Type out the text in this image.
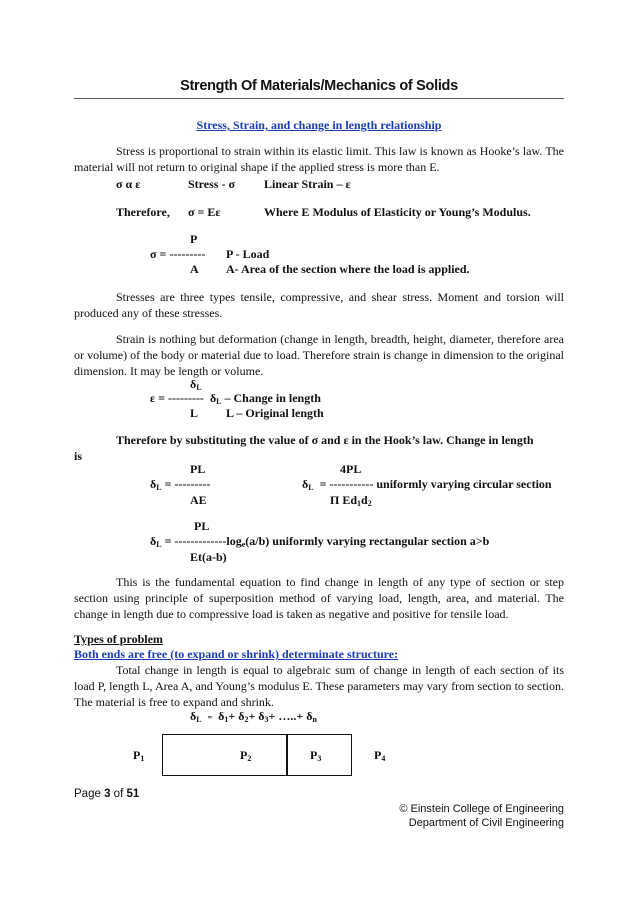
Strength Of Materials/Mechanics of Solids
Stress, Strain, and change in length relationship
Stress is proportional to strain within its elastic limit. This law is known as Hooke’s law. The material will not return to original shape if the applied stress is more than E.
σ α ε	Stress - σ Linear Strain – ε
Therefore, σ = Eε	Where E Modulus of Elasticity or Young’s Modulus.
P
σ = --------- P - Load
A A- Area of the section where the load is applied.
Stresses are three types tensile, compressive, and shear stress. Moment and torsion will produced any of these stresses.
Strain is nothing but deformation (change in length, breadth, height, diameter, therefore area or volume) of the body or material due to load. Therefore strain is change in dimension to the original dimension. It may be length or volume.
$\delta_L$
ε = ---------  $\delta_L$ – Change in length
L L – Original length
Therefore by substituting the value of σ and ε in the Hook’s law. Change in length
is
PL
$\delta_L$ = ---------
AE
4PL
$\delta_L$  = ----------- uniformly varying circular section
Π $Ed_1d_2$
PL
$\delta_L = -------------\log_e(a/b)$ uniformly varying rectangular section a>b
Et(a-b)
This is the fundamental equation to find change in length of any type of section or step section using principle of superposition method of varying load, length, area, and material. The change in length due to compressive load is taken as negative and positive for tensile load.
Types of problem
Both ends are free (to expand or shrink) determinate structure:
Total change in length is equal to algebraic sum of change in length of each section of its load P, length L, Area A, and Young’s modulus E. These parameters may vary from section to section. The material is free to expand and shrink.
$\delta_L = \delta_1+ \delta_2+ \delta_3+$ …..+ $\delta_n$
$P_1$	$P_2$	$P_3$	$P_4$
Page 3 of 51
© Einstein College of Engineering
Department of Civil Engineering
